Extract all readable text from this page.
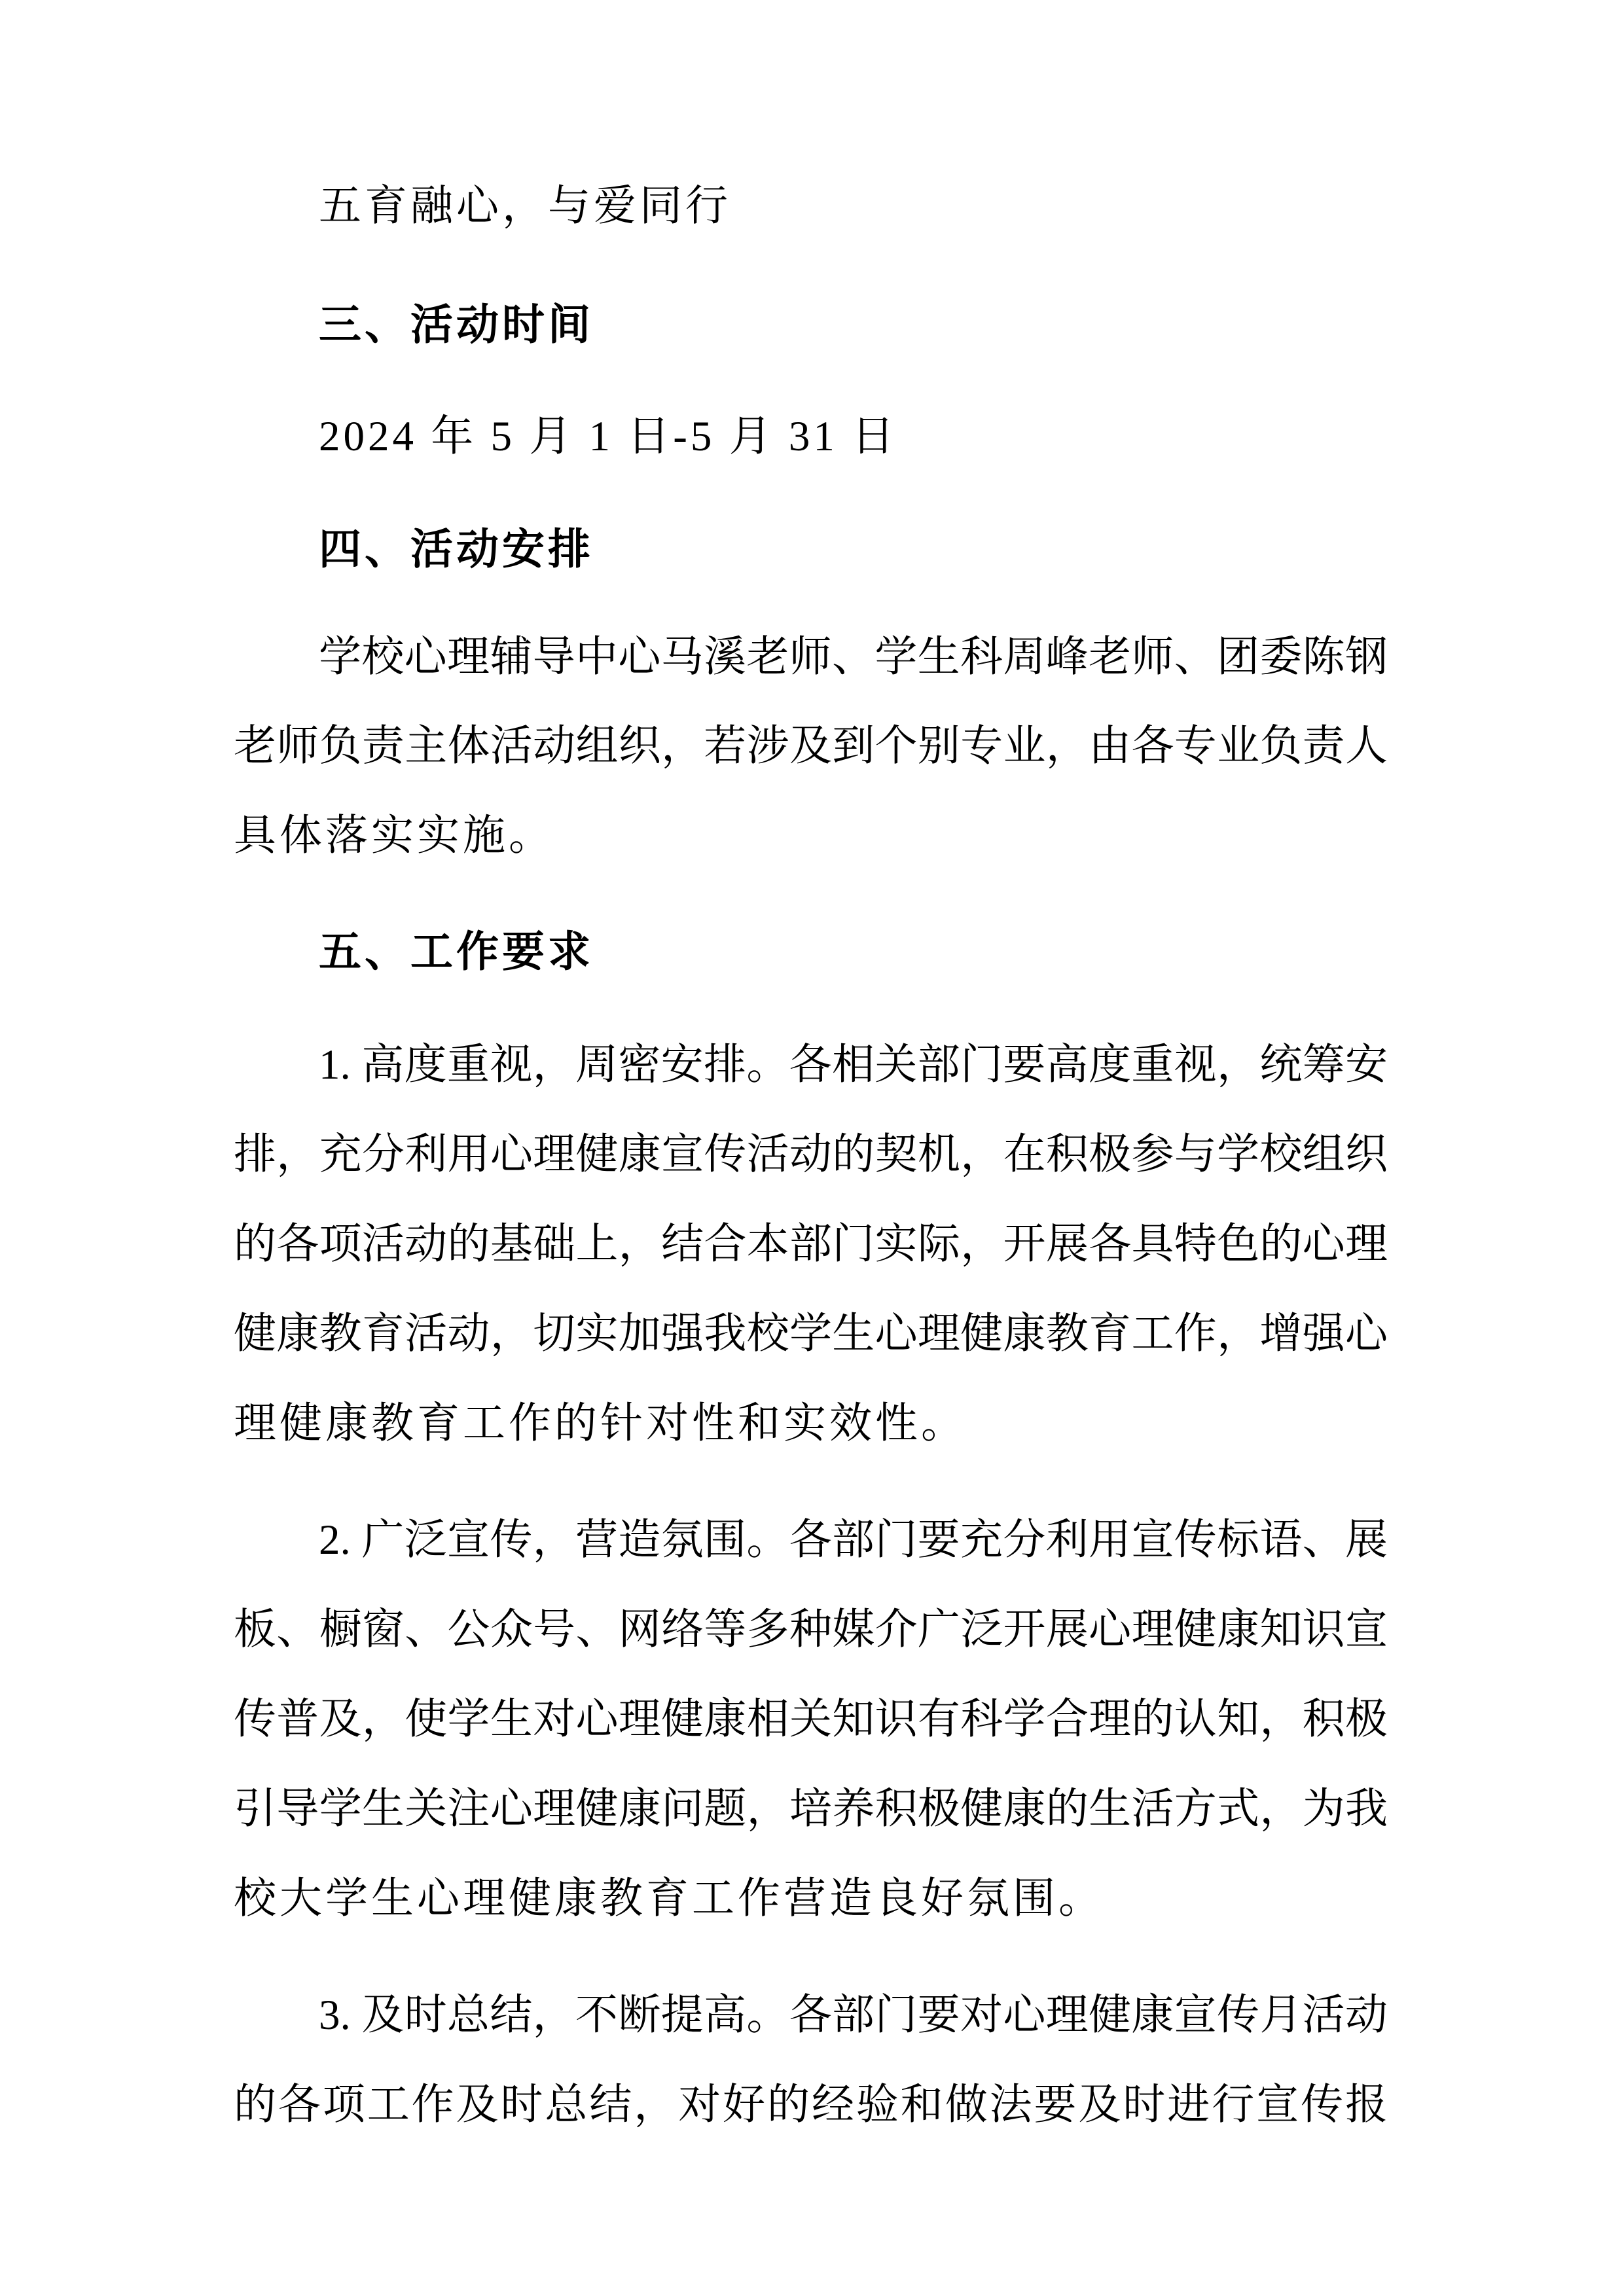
五育融心，与爱同行
三、活动时间
2024 年 5 月 1 日-5 月 31 日
四、活动安排
学校心理辅导中心马溪老师、学生科周峰老师、团委陈钢
老师负责主体活动组织，若涉及到个别专业，由各专业负责人
具体落实实施。
五、工作要求
1. 高度重视，周密安排。各相关部门要高度重视，统筹安
排，充分利用心理健康宣传活动的契机，在积极参与学校组织
的各项活动的基础上，结合本部门实际，开展各具特色的心理
健康教育活动，切实加强我校学生心理健康教育工作，增强心
理健康教育工作的针对性和实效性。
2. 广泛宣传，营造氛围。各部门要充分利用宣传标语、展
板、橱窗、公众号、网络等多种媒介广泛开展心理健康知识宣
传普及，使学生对心理健康相关知识有科学合理的认知，积极
引导学生关注心理健康问题，培养积极健康的生活方式，为我
校大学生心理健康教育工作营造良好氛围。
3. 及时总结，不断提高。各部门要对心理健康宣传月活动
的各项工作及时总结，对好的经验和做法要及时进行宣传报
